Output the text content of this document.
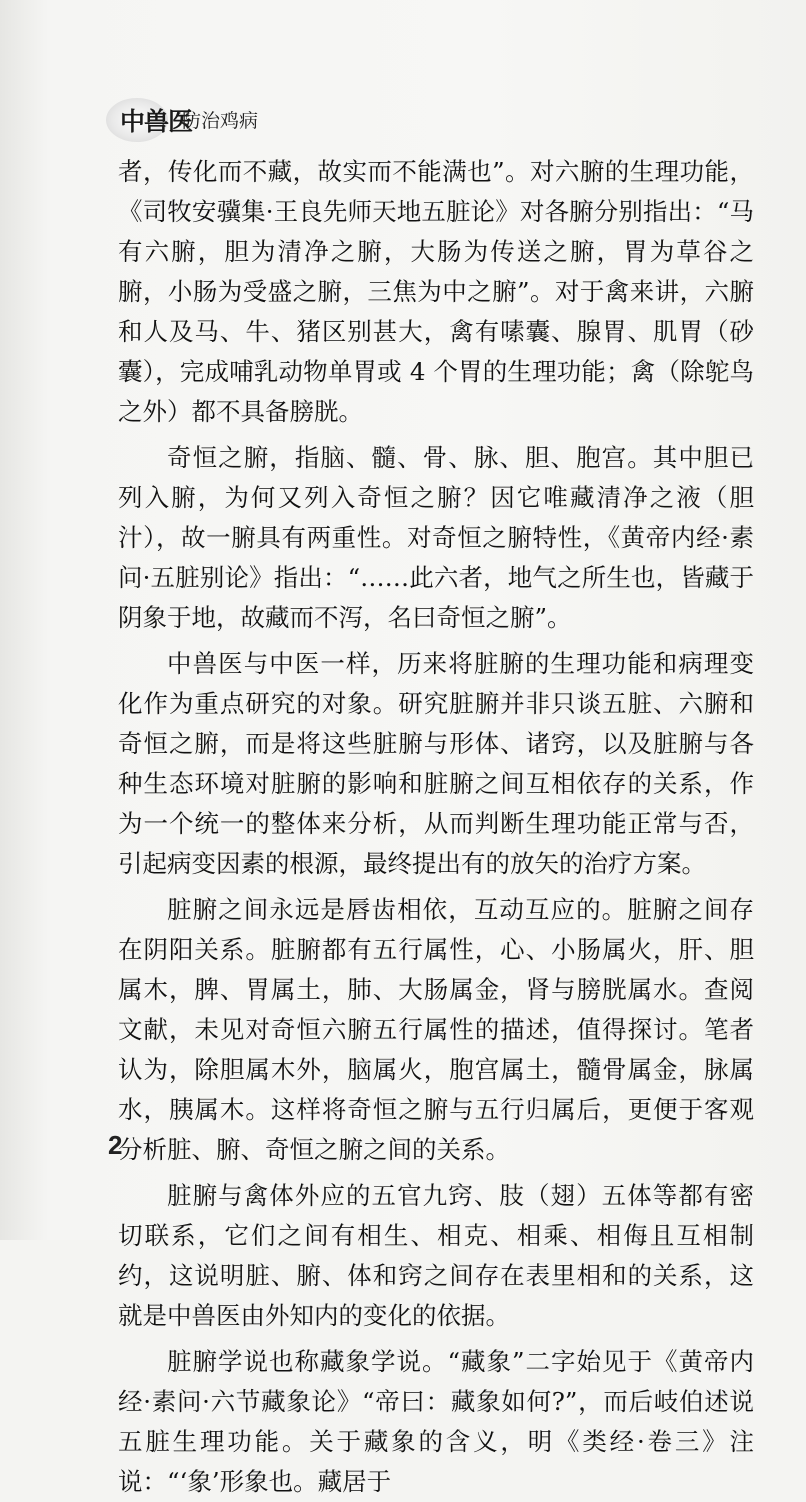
中兽医
防治鸡病

者，传化而不藏，故实而不能满也”。对六腑的生理功能，《司牧安骥集·王良先师天地五脏论》对各腑分别指出：“马有六腑，胆为清净之腑，大肠为传送之腑，胃为草谷之腑，小肠为受盛之腑，三焦为中之腑”。对于禽来讲，六腑和人及马、牛、猪区别甚大，禽有嗉囊、腺胃、肌胃（砂囊），完成哺乳动物单胃或 4 个胃的生理功能；禽（除鸵鸟之外）都不具备膀胱。

奇恒之腑，指脑、髓、骨、脉、胆、胞宫。其中胆已列入腑，为何又列入奇恒之腑？因它唯藏清净之液（胆汁），故一腑具有两重性。对奇恒之腑特性，《黄帝内经·素问·五脏别论》指出：“……此六者，地气之所生也，皆藏于阴象于地，故藏而不泻，名曰奇恒之腑”。

中兽医与中医一样，历来将脏腑的生理功能和病理变化作为重点研究的对象。研究脏腑并非只谈五脏、六腑和奇恒之腑，而是将这些脏腑与形体、诸窍，以及脏腑与各种生态环境对脏腑的影响和脏腑之间互相依存的关系，作为一个统一的整体来分析，从而判断生理功能正常与否，引起病变因素的根源，最终提出有的放矢的治疗方案。

脏腑之间永远是唇齿相依，互动互应的。脏腑之间存在阴阳关系。脏腑都有五行属性，心、小肠属火，肝、胆属木，脾、胃属土，肺、大肠属金，肾与膀胱属水。查阅文献，未见对奇恒六腑五行属性的描述，值得探讨。笔者认为，除胆属木外，脑属火，胞宫属土，髓骨属金，脉属水，胰属木。这样将奇恒之腑与五行归属后，更便于客观分析脏、腑、奇恒之腑之间的关系。

脏腑与禽体外应的五官九窍、肢（翅）五体等都有密切联系，它们之间有相生、相克、相乘、相侮且互相制约，这说明脏、腑、体和窍之间存在表里相和的关系，这就是中兽医由外知内的变化的依据。

脏腑学说也称藏象学说。“藏象”二字始见于《黄帝内经·素问·六节藏象论》“帝曰：藏象如何?”，而后岐伯述说五脏生理功能。关于藏象的含义，明《类经·卷三》注说：“‘象’形象也。藏居于

2
